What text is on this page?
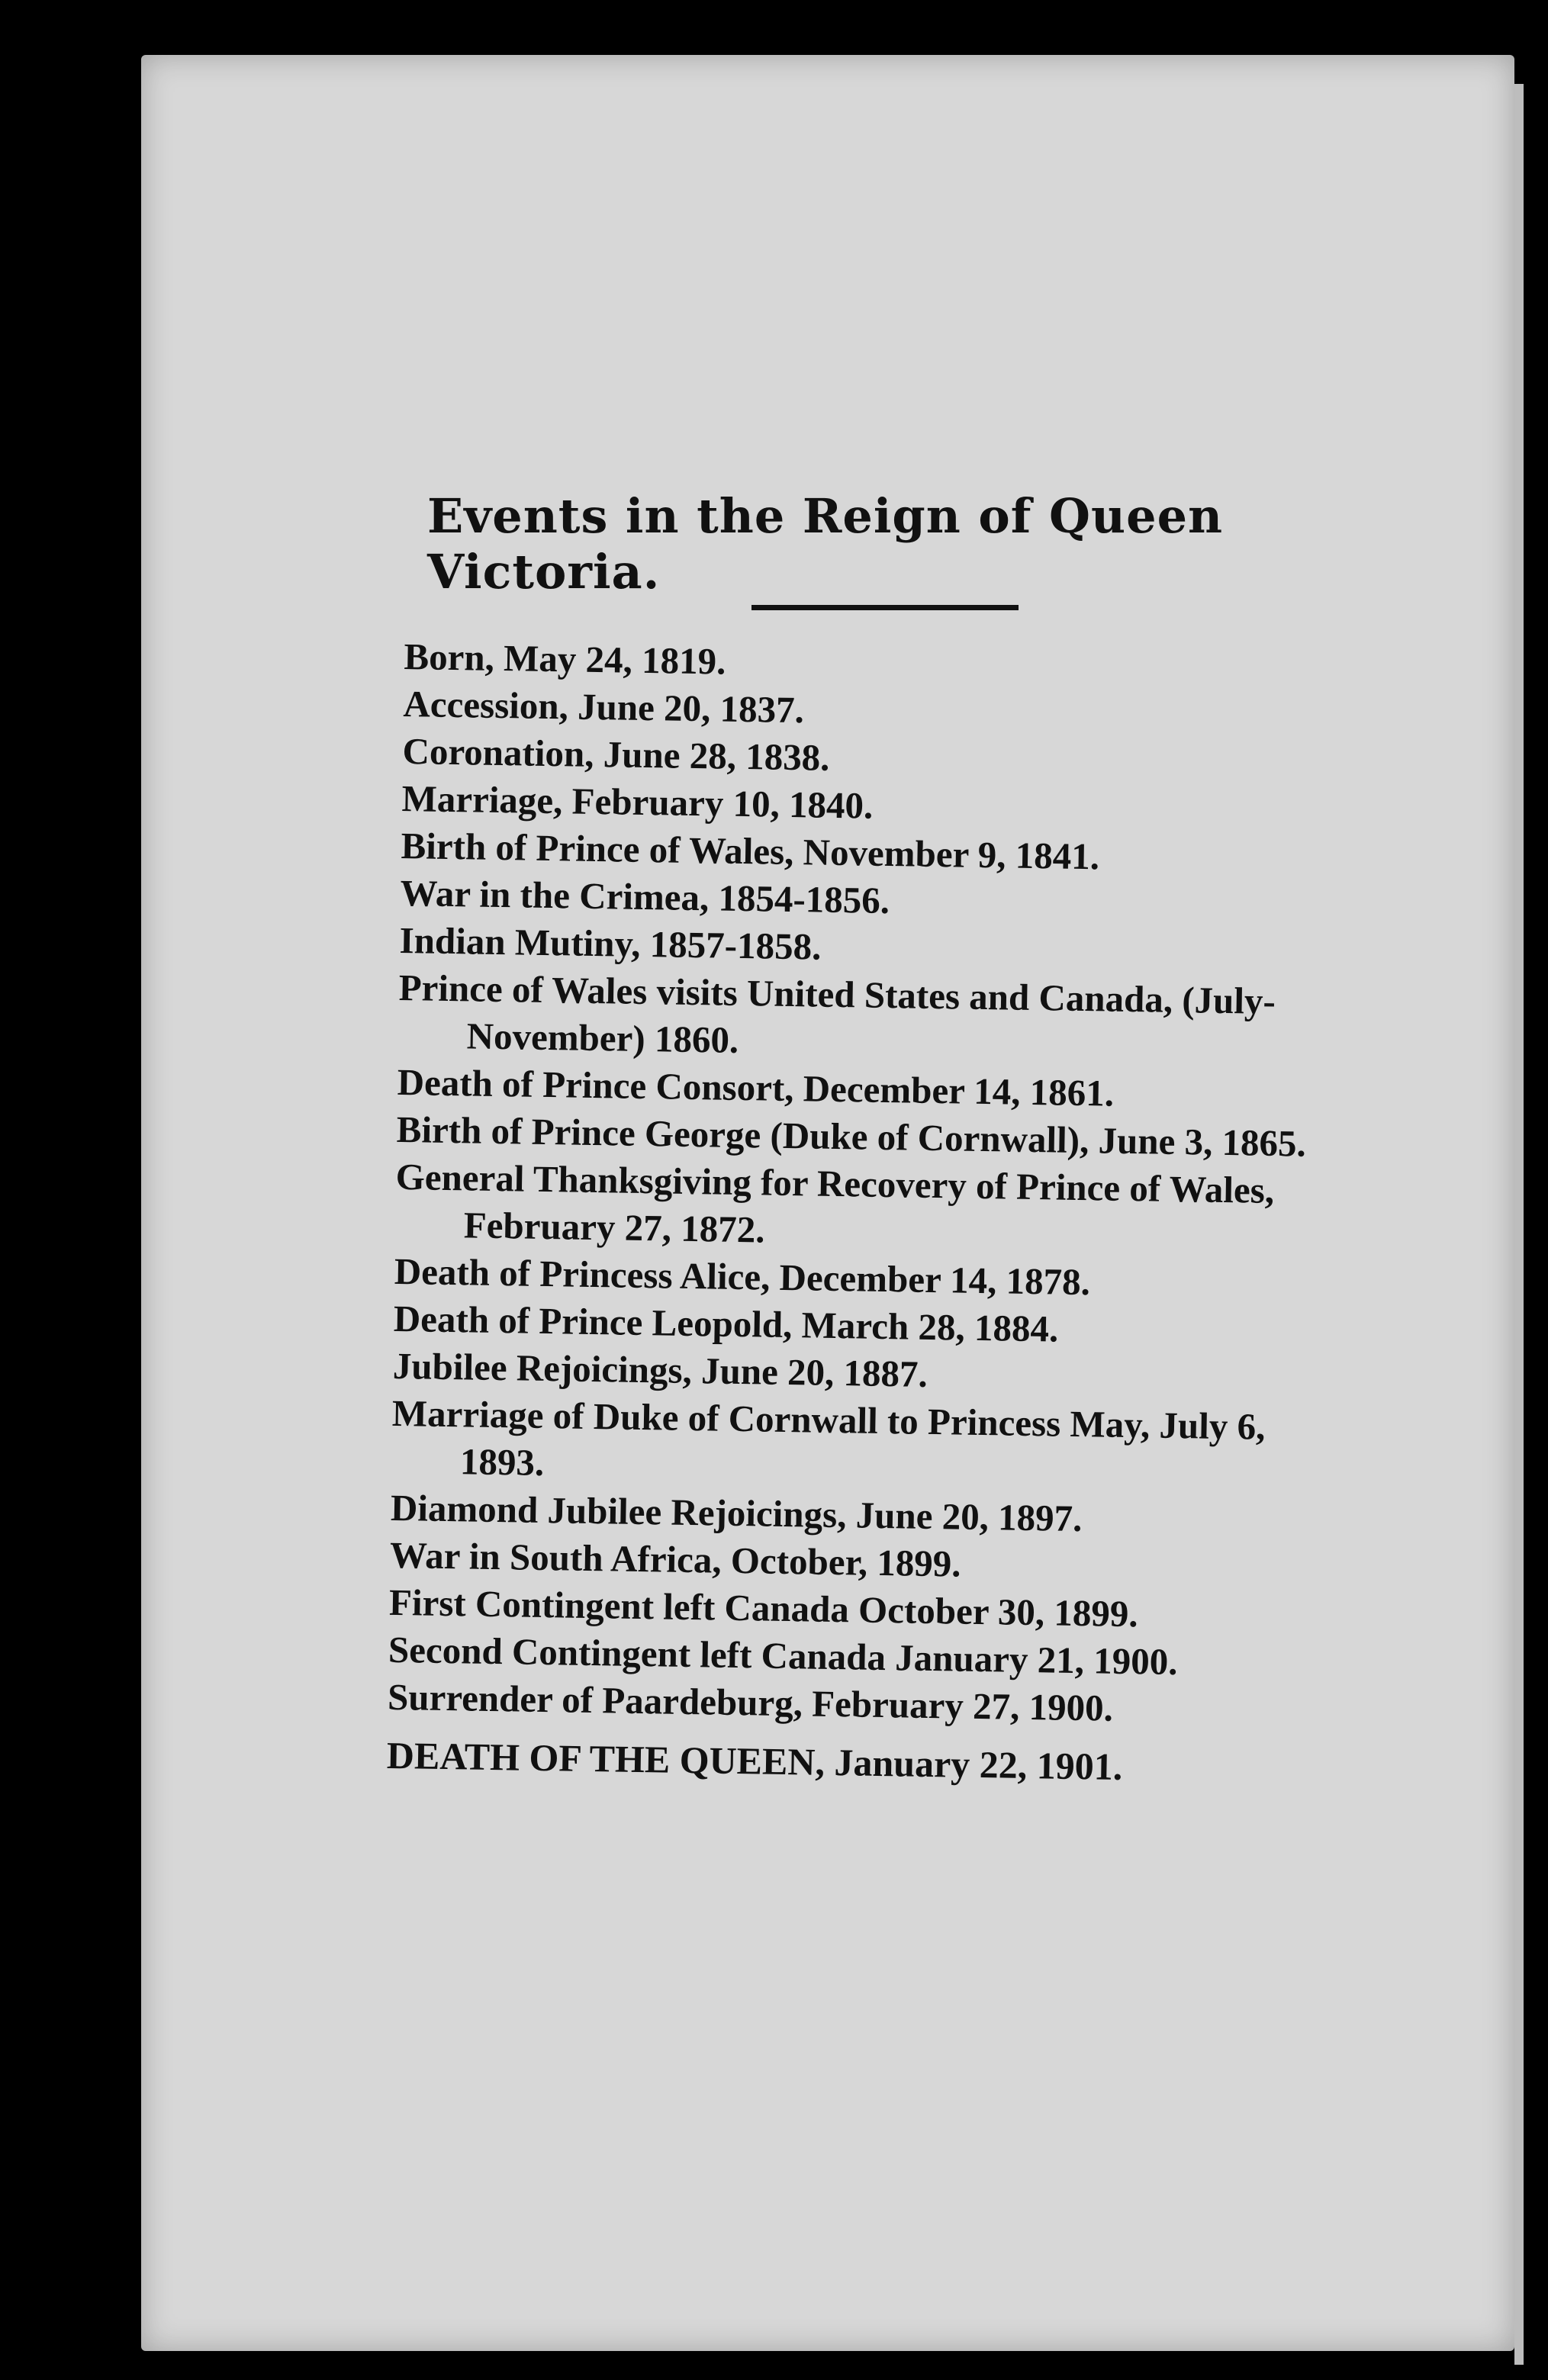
Events in the Reign of Queen Victoria.
Born, May 24, 1819.
Accession, June 20, 1837.
Coronation, June 28, 1838.
Marriage, February 10, 1840.
Birth of Prince of Wales, November 9, 1841.
War in the Crimea, 1854-1856.
Indian Mutiny, 1857-1858.
Prince of Wales visits United States and Canada, (July-November) 1860.
Death of Prince Consort, December 14, 1861.
Birth of Prince George (Duke of Cornwall), June 3, 1865.
General Thanksgiving for Recovery of Prince of Wales, February 27, 1872.
Death of Princess Alice, December 14, 1878.
Death of Prince Leopold, March 28, 1884.
Jubilee Rejoicings, June 20, 1887.
Marriage of Duke of Cornwall to Princess May, July 6, 1893.
Diamond Jubilee Rejoicings, June 20, 1897.
War in South Africa, October, 1899.
First Contingent left Canada October 30, 1899.
Second Contingent left Canada January 21, 1900.
Surrender of Paardeburg, February 27, 1900.
DEATH OF THE QUEEN, January 22, 1901.
